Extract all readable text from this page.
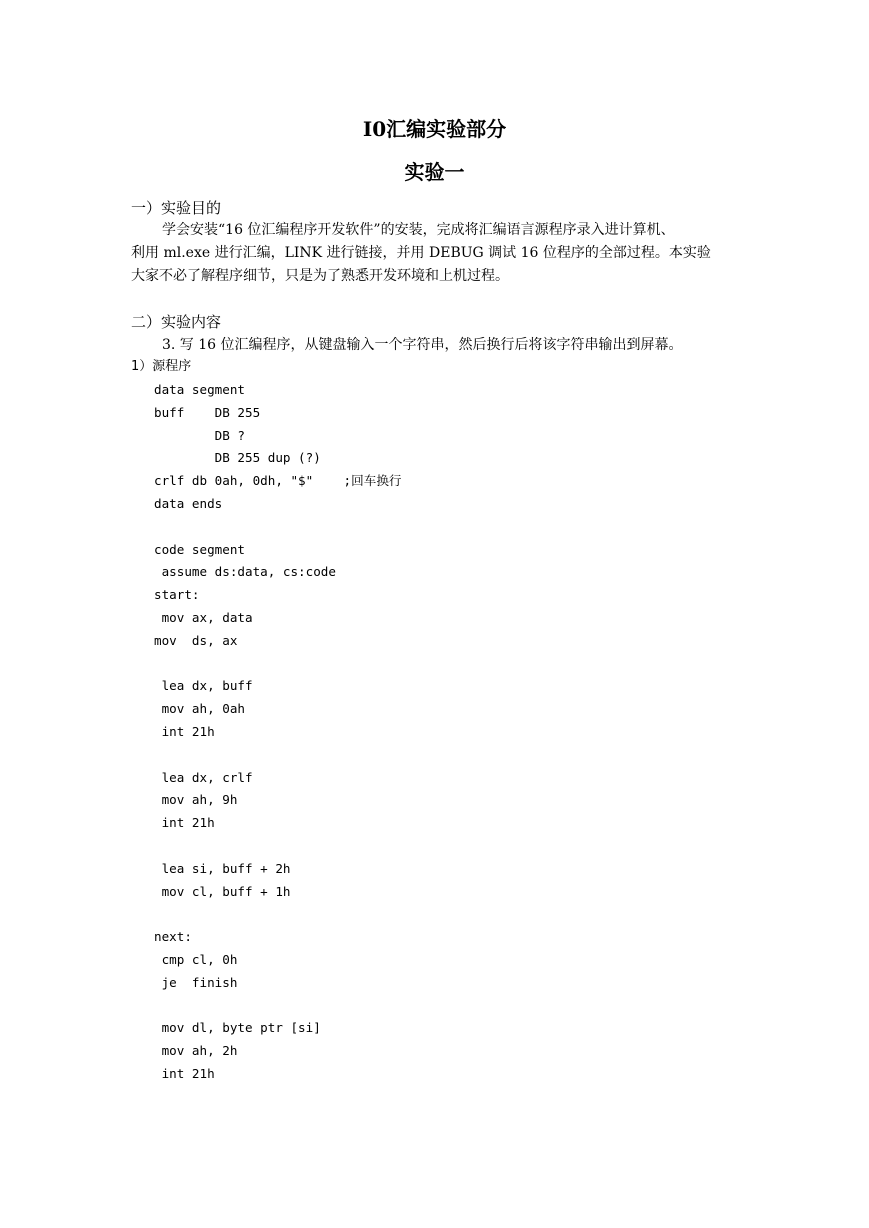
I0汇编实验部分
实验一
一）实验目的
学会安装“16 位汇编程序开发软件”的安装，完成将汇编语言源程序录入进计算机、
利用 ml.exe 进行汇编，LINK 进行链接，并用 DEBUG 调试 16 位程序的全部过程。本实验
大家不必了解程序细节，只是为了熟悉开发环境和上机过程。
二）实验内容
3. 写 16 位汇编程序，从键盘输入一个字符串，然后换行后将该字符串输出到屏幕。
1）源程序
data segment
buff    DB 255
DB ?
DB 255 dup (?)
crlf db 0ah, 0dh, "$"    ;回车换行
data ends
code segment
assume ds:data, cs:code
start:
mov ax, data
mov  ds, ax
lea dx, buff
mov ah, 0ah
int 21h
lea dx, crlf
mov ah, 9h
int 21h
lea si, buff + 2h
mov cl, buff + 1h
next:
cmp cl, 0h
je  finish
mov dl, byte ptr [si]
mov ah, 2h
int 21h
